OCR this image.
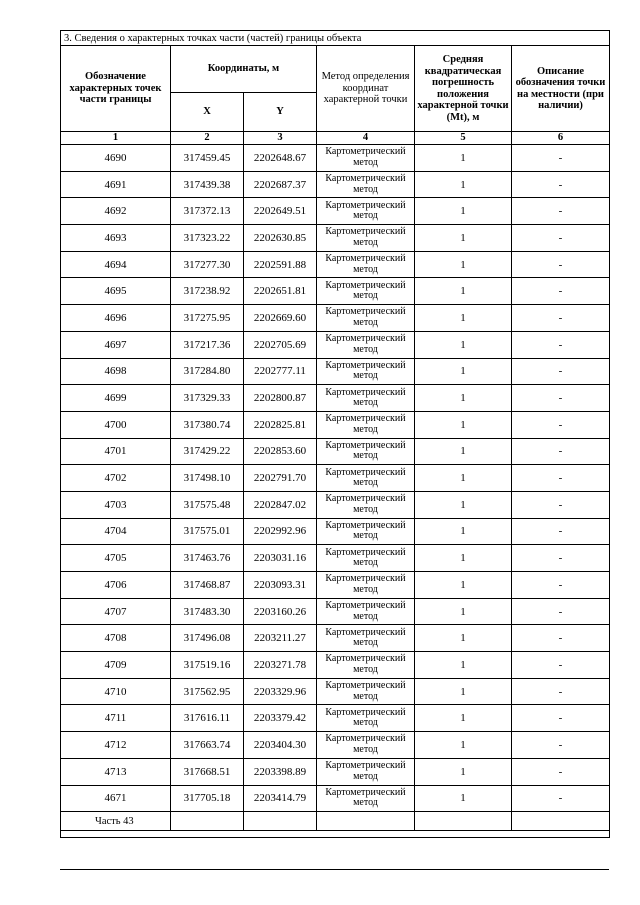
3. Сведения о характерных точках части (частей) границы объекта					
Обозначение характерных точек части границы	Координаты, м		Метод определения координат характерной точки	Средняя квадратическая погрешность положения характерной точки (Mt), м	Описание обозначения точки на местности (при наличии)
	X	Y			
1	2	3	4	5	6
4690	317459.45	2202648.67	Картометрический метод	1	-
4691	317439.38	2202687.37	Картометрический метод	1	-
4692	317372.13	2202649.51	Картометрический метод	1	-
4693	317323.22	2202630.85	Картометрический метод	1	-
4694	317277.30	2202591.88	Картометрический метод	1	-
4695	317238.92	2202651.81	Картометрический метод	1	-
4696	317275.95	2202669.60	Картометрический метод	1	-
4697	317217.36	2202705.69	Картометрический метод	1	-
4698	317284.80	2202777.11	Картометрический метод	1	-
4699	317329.33	2202800.87	Картометрический метод	1	-
4700	317380.74	2202825.81	Картометрический метод	1	-
4701	317429.22	2202853.60	Картометрический метод	1	-
4702	317498.10	2202791.70	Картометрический метод	1	-
4703	317575.48	2202847.02	Картометрический метод	1	-
4704	317575.01	2202992.96	Картометрический метод	1	-
4705	317463.76	2203031.16	Картометрический метод	1	-
4706	317468.87	2203093.31	Картометрический метод	1	-
4707	317483.30	2203160.26	Картометрический метод	1	-
4708	317496.08	2203211.27	Картометрический метод	1	-
4709	317519.16	2203271.78	Картометрический метод	1	-
4710	317562.95	2203329.96	Картометрический метод	1	-
4711	317616.11	2203379.42	Картометрический метод	1	-
4712	317663.74	2203404.30	Картометрический метод	1	-
4713	317668.51	2203398.89	Картометрический метод	1	-
4671	317705.18	2203414.79	Картометрический метод	1	-
Часть 43					
